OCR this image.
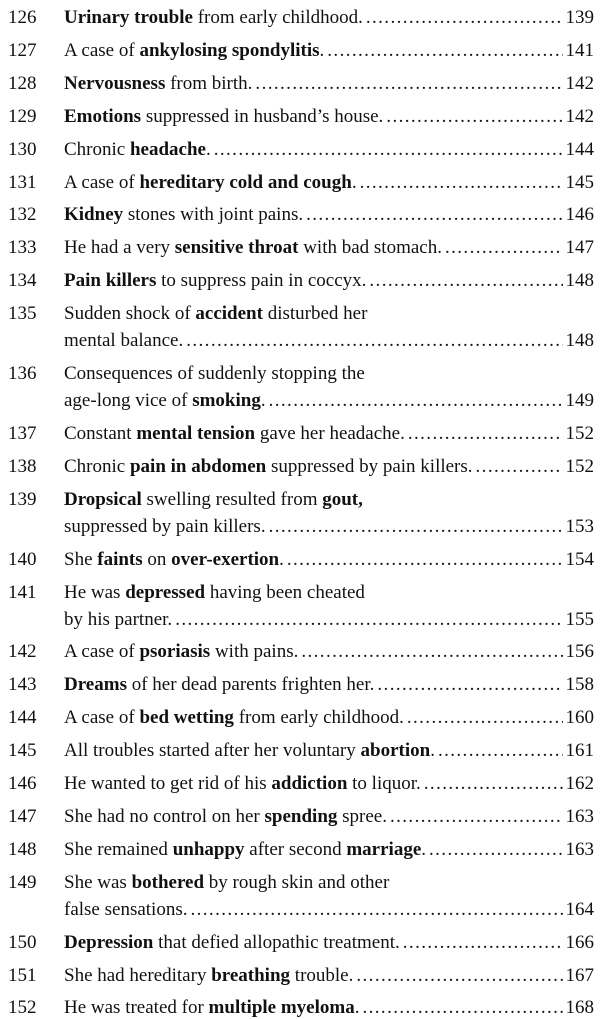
126 Urinary trouble from early childhood. .....	139
127 A case of ankylosing spondylitis. .....	141
128 Nervousness from birth. .....	142
129 Emotions suppressed in husband’s house. .....	142
130 Chronic headache. .....	144
131 A case of hereditary cold and cough. .....	145
132 Kidney stones with joint pains. .....	146
133 He had a very sensitive throat with bad stomach. .....	147
134 Pain killers to suppress pain in coccyx. .....	148
135 Sudden shock of accident disturbed her
mental balance. .....	148
136 Consequences of suddenly stopping the
age-long vice of smoking. .....	149
137 Constant mental tension gave her headache. .....	152
138 Chronic pain in abdomen suppressed by pain killers. .....	152
139 Dropsical swelling resulted from gout,
suppressed by pain killers. .....	153
140 She faints on over-exertion. .....	154
141 He was depressed having been cheated
by his partner. .....	155
142 A case of psoriasis with pains. .....	156
143 Dreams of her dead parents frighten her. .....	158
144 A case of bed wetting from early childhood. .....	160
145 All troubles started after her voluntary abortion. .....	161
146 He wanted to get rid of his addiction to liquor. .....	162
147 She had no control on her spending spree. .....	163
148 She remained unhappy after second marriage. .....	163
149 She was bothered by rough skin and other
false sensations. .....	164
150 Depression that defied allopathic treatment. .....	166
151 She had hereditary breathing trouble. .....	167
152 He was treated for multiple myeloma. .....	168
